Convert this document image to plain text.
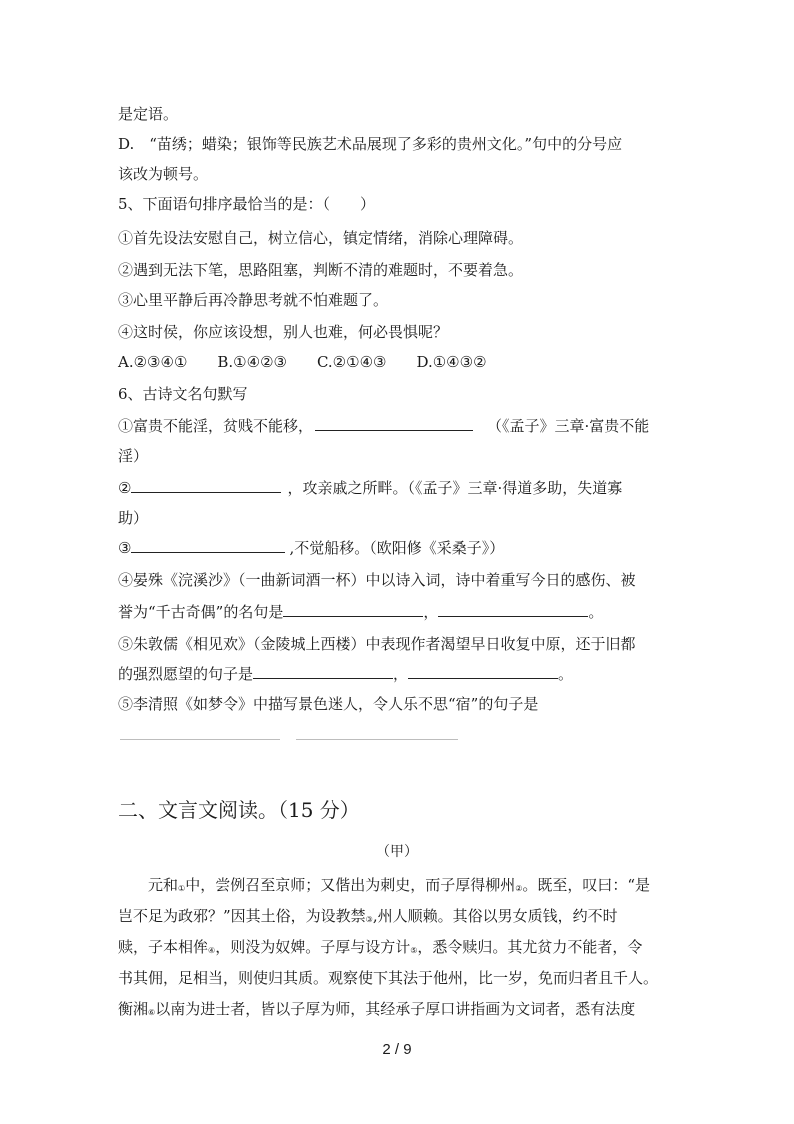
是定语。
D.　“苗绣；蜡染；银饰等民族艺术品展现了多彩的贵州文化。”句中的分号应
该改为顿号。
5、下面语句排序最恰当的是：（　　）
①首先设法安慰自己，树立信心，镇定情绪，消除心理障碍。
②遇到无法下笔，思路阻塞，判断不清的难题时，不要着急。
③心里平静后再冷静思考就不怕难题了。
④这时侯，你应该设想，别人也难，何必畏惧呢？
A.②③④①　　B.①④②③　　C.②①④③　　D.①④③②
6、古诗文名句默写
①富贵不能淫，贫贱不能移，	（《孟子》三章·富贵不能
淫）
②	，攻亲戚之所畔。（《孟子》三章·得道多助，失道寡
助）
③	,不觉船移。（欧阳修《采桑子》）
④晏殊《浣溪沙》（一曲新词酒一杯）中以诗入词，诗中着重写今日的感伤、被
誉为“千古奇偶”的名句是	，	。
⑤朱敦儒《相见欢》（金陵城上西楼）中表现作者渴望早日收复中原，还于旧都
的强烈愿望的句子是	，	。
⑤李清照《如梦令》中描写景色迷人，令人乐不思“宿”的句子是
二、文言文阅读。（15 分）
（甲）
元和①中，尝例召至京师；又偕出为刺史，而子厚得柳州②。既至，叹曰：“是
岂不足为政邪？”因其土俗，为设教禁③,州人顺赖。其俗以男女质钱，约不时
赎，子本相侔④，则没为奴婢。子厚与设方计⑤，悉令赎归。其尤贫力不能者，令
书其佣，足相当，则使归其质。观察使下其法于他州，比一岁，免而归者且千人。
衡湘⑥以南为进士者，皆以子厚为师，其经承子厚口讲指画为文词者，悉有法度
2 / 9
